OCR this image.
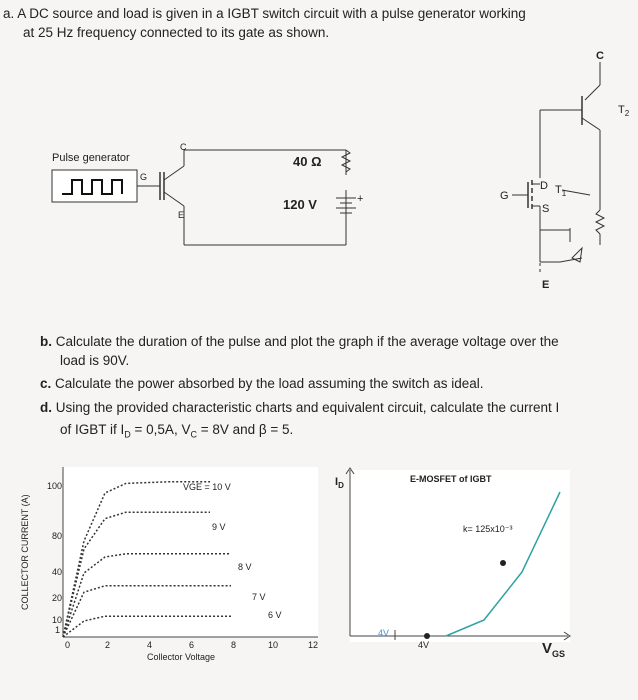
a. A DC source and load is given in a IGBT switch circuit with a pulse generator working
at 25 Hz frequency connected to its gate as shown.
Pulse generator
G
C
E
40 Ω
120 V	+
C
$T_2$
G
D $T_1$
S
E
b. Calculate the duration of the pulse and plot the graph if the average voltage over the
load is 90V.
c. Calculate the power absorbed by the load assuming the switch as ideal.
d. Using the provided characteristic charts and equivalent circuit, calculate the current I
of IGBT if $I_D = 0,5A$, $V_C = 8V$ and β = 5.
100
80
40
20
10
1
0	2	4	6	8	10	12
Collector Voltage
COLLECTOR CURRENT (A)
VGE = 10 V
9 V
8 V
7 V
6 V
$I_D$
E-MOSFET of IGBT
k= 125x10⁻³
4V
4V
$V_{GS}$
